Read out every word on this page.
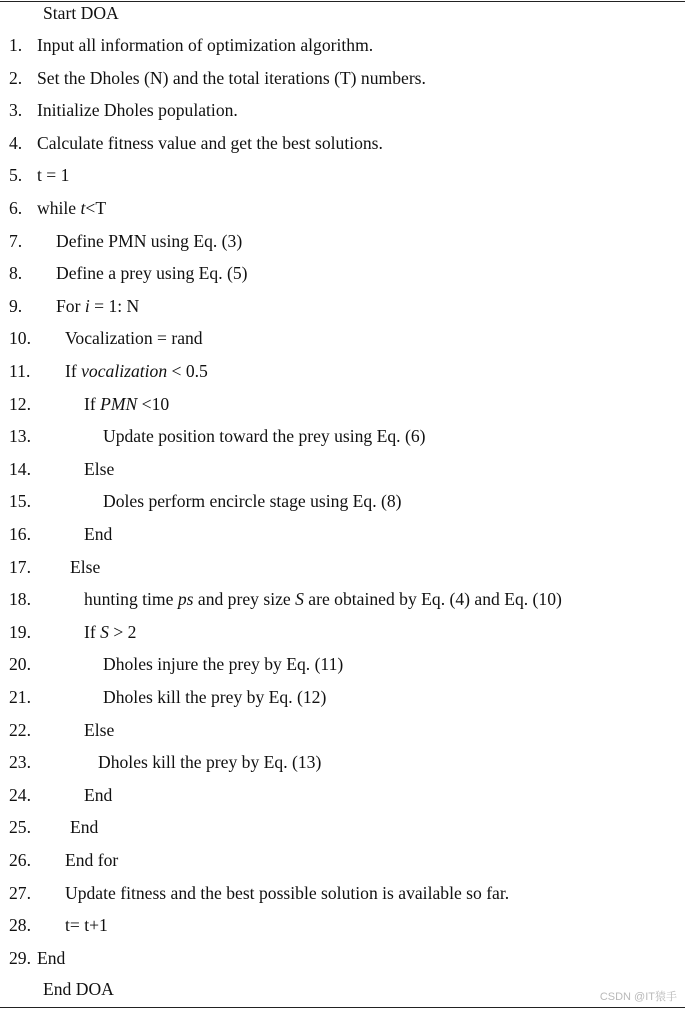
Start DOA
1. Input all information of optimization algorithm.
2. Set the Dholes (N) and the total iterations (T) numbers.
3. Initialize Dholes population.
4. Calculate fitness value and get the best solutions.
5. t = 1
6. while t<T
7. Define PMN using Eq. (3)
8. Define a prey using Eq. (5)
9. For i = 1: N
10. Vocalization = rand
11. If vocalization < 0.5
12.	If PMN <10
13.	Update position toward the prey using Eq. (6)
14.	Else
15.	Doles perform encircle stage using Eq. (8)
16.	End
17. Else
18.	hunting time ps and prey size S are obtained by Eq. (4) and Eq. (10)
19.	If S > 2
20.	Dholes injure the prey by Eq. (11)
21.	Dholes kill the prey by Eq. (12)
22.	Else
23.	Dholes kill the prey by Eq. (13)
24.	End
25. End
26. End for
27. Update fitness and the best possible solution is available so far.
28. t= t+1
29. End
End DOA	CSDN @IT猿手
